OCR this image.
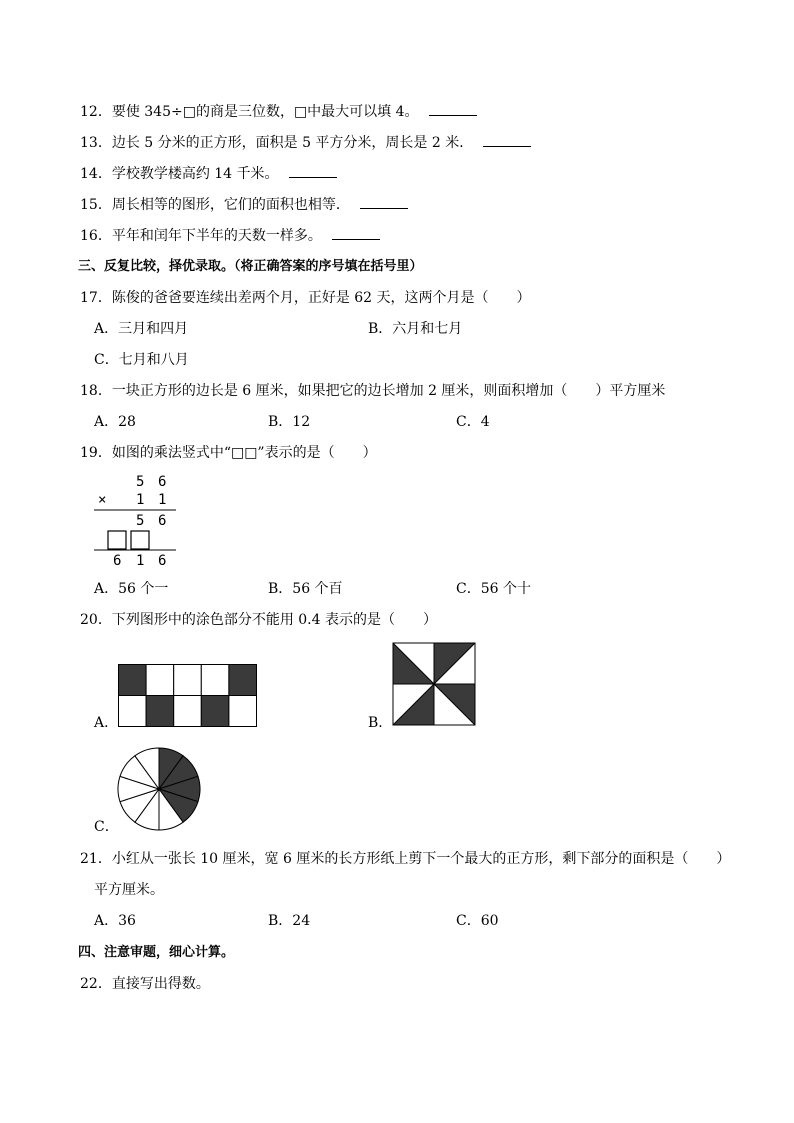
12．要使 345÷□的商是三位数，□中最大可以填 4。
13．边长 5 分米的正方形，面积是 5 平方分米，周长是 2 米．
14．学校教学楼高约 14 千米。
15．周长相等的图形，它们的面积也相等．
16．平年和闰年下半年的天数一样多。
三、反复比较，择优录取。（将正确答案的序号填在括号里）
17．陈俊的爸爸要连续出差两个月，正好是 62 天，这两个月是（　　）
A．三月和四月	B．六月和七月
C．七月和八月
18．一块正方形的边长是 6 厘米，如果把它的边长增加 2 厘米，则面积增加（　　）平方厘米
A．28	B．12	C．4
19．如图的乘法竖式中“□□”表示的是（　　）
5 6
× 1 1
5 6
6 1 6
A．56 个一	B．56 个百	C．56 个十
20．下列图形中的涂色部分不能用 0.4 表示的是（　　）
A．	B．
C．
21．小红从一张长 10 厘米，宽 6 厘米的长方形纸上剪下一个最大的正方形，剩下部分的面积是（　　）
平方厘米。
A．36	B．24	C．60
四、注意审题，细心计算。
22．直接写出得数。
